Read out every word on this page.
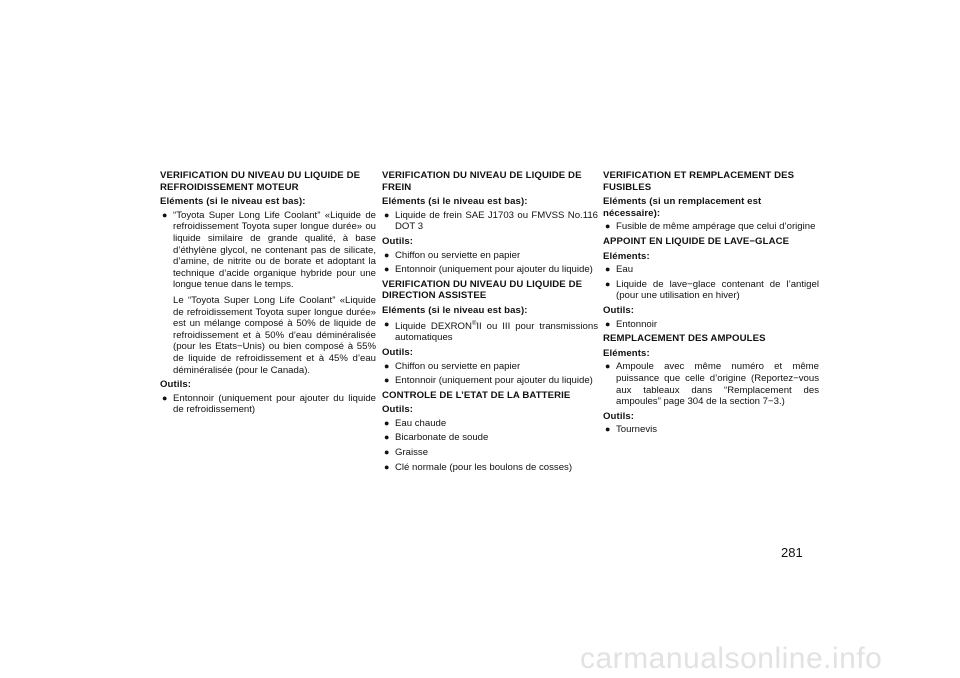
VERIFICATION DU NIVEAU DU LIQUIDE DE REFROIDISSEMENT MOTEUR
Eléments (si le niveau est bas):
● “Toyota Super Long Life Coolant” «Liquide de refroidissement Toyota super longue durée» ou liquide similaire de grande qualité, à base d’éthylène glycol, ne contenant pas de silicate, d’amine, de nitrite ou de borate et adoptant la technique d’acide organique hybride pour une longue tenue dans le temps.
Le “Toyota Super Long Life Coolant” «Liquide de refroidissement Toyota super longue durée» est un mélange composé à 50% de liquide de refroidissement et à 50% d’eau déminéralisée (pour les Etats−Unis) ou bien composé à 55% de liquide de refroidissement et à 45% d’eau déminéralisée (pour le Canada).
Outils:
● Entonnoir (uniquement pour ajouter du liquide de refroidissement)
VERIFICATION DU NIVEAU DE LIQUIDE DE FREIN
Eléments (si le niveau est bas):
● Liquide de frein SAE J1703 ou FMVSS No.116 DOT 3
Outils:
● Chiffon ou serviette en papier
● Entonnoir (uniquement pour ajouter du liquide)
VERIFICATION DU NIVEAU DU LIQUIDE DE DIRECTION ASSISTEE
Eléments (si le niveau est bas):
● Liquide DEXRON®II ou III pour transmissions automatiques
Outils:
● Chiffon ou serviette en papier
● Entonnoir (uniquement pour ajouter du liquide)
CONTROLE DE L’ETAT DE LA BATTERIE
Outils:
● Eau chaude
● Bicarbonate de soude
● Graisse
● Clé normale (pour les boulons de cosses)
VERIFICATION ET REMPLACEMENT DES FUSIBLES
Eléments (si un remplacement est nécessaire):
● Fusible de même ampérage que celui d’origine
APPOINT EN LIQUIDE DE LAVE−GLACE
Eléments:
● Eau
● Liquide de lave−glace contenant de l’antigel (pour une utilisation en hiver)
Outils:
● Entonnoir
REMPLACEMENT DES AMPOULES
Eléments:
● Ampoule avec même numéro et même puissance que celle d’origine (Reportez−vous aux tableaux dans “Remplacement des ampoules” page 304 de la section 7−3.)
Outils:
● Tournevis
281
carmanualsonline.info
